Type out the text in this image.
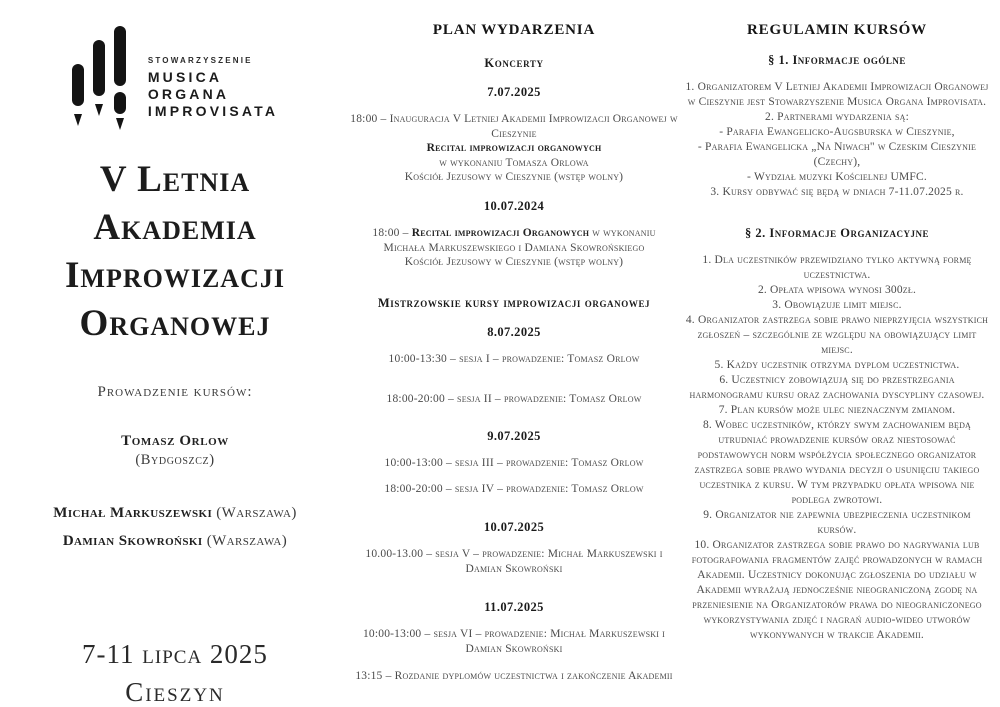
STOWARZYSZENIE
MUSICA
ORGANA
IMPROVISATA
V Letnia
Akademia
Improwizacji
Organowej
Prowadzenie kursów:
Tomasz Orlow
(Bydgoszcz)
Michał Markuszewski (Warszawa)
Damian Skowroński (Warszawa)
7-11 lipca 2025
Cieszyn
PLAN WYDARZENIA
Koncerty
7.07.2025
18:00 – Inauguracja V Letniej Akademii Improwizacji Organowej w Cieszynie
Recital improwizacji organowych
w wykonaniu Tomasza Orlowa
Kościół Jezusowy w Cieszynie (wstęp wolny)
10.07.2024
18:00 – Recital improwizacji Organowych w wykonaniu Michała Markuszewskiego i Damiana Skowrońskiego
Kościół Jezusowy w Cieszynie (wstęp wolny)
Mistrzowskie kursy improwizacji organowej
8.07.2025
10:00-13:30 – sesja I – prowadzenie: Tomasz Orlow
18:00-20:00 – sesja II – prowadzenie: Tomasz Orlow
9.07.2025
10:00-13:00 – sesja III – prowadzenie: Tomasz Orlow
18:00-20:00 – sesja IV – prowadzenie: Tomasz Orlow
10.07.2025
10.00-13.00 – sesja V – prowadzenie: Michał Markuszewski i Damian Skowroński
11.07.2025
10:00-13:00 – sesja VI – prowadzenie: Michał Markuszewski i Damian Skowroński
13:15 – Rozdanie dyplomów uczestnictwa i zakończenie Akademii
REGULAMIN KURSÓW
§ 1. Informacje ogólne

1. Organizatorem V Letniej Akademii Improwizacji Organowej w Cieszynie jest Stowarzyszenie Musica Organa Improvisata.

2. Partnerami wydarzenia są:

- Parafia Ewangelicko-Augsburska w Cieszynie,

- Parafia Ewangelicka „Na Niwach" w Czeskim Cieszynie (Czechy),

- Wydział muzyki Kościelnej UMFC.

3. Kursy odbywać się będą w dniach 7-11.07.2025 r.

§ 2. Informacje Organizacyjne

1. Dla uczestników przewidziano tylko aktywną formę uczestnictwa.

2. Opłata wpisowa wynosi 300zł.

3. Obowiązuje limit miejsc.

4. Organizator zastrzega sobie prawo nieprzyjęcia wszystkich zgłoszeń – szczególnie ze względu na obowiązujący limit miejsc.

5. Każdy uczestnik otrzyma dyplom uczestnictwa.

6. Uczestnicy zobowiązują się do przestrzegania harmonogramu kursu oraz zachowania dyscypliny czasowej.

7. Plan kursów może ulec nieznacznym zmianom.

8. Wobec uczestników, którzy swym zachowaniem będą utrudniać prowadzenie kursów oraz niestosować podstawowych norm współżycia społecznego organizator zastrzega sobie prawo wydania decyzji o usunięciu takiego uczestnika z kursu. W tym przypadku opłata wpisowa nie podlega zwrotowi.

9. Organizator nie zapewnia ubezpieczenia uczestnikom kursów.

10. Organizator zastrzega sobie prawo do nagrywania lub fotografowania fragmentów zajęć prowadzonych w ramach Akademii. Uczestnicy dokonując zgłoszenia do udziału w Akademii wyrażają jednocześnie nieograniczoną zgodę na przeniesienie na Organizatorów prawa do nieograniczonego wykorzystywania zdjęć i nagrań audio-wideo utworów wykonywanych w trakcie Akademii.
